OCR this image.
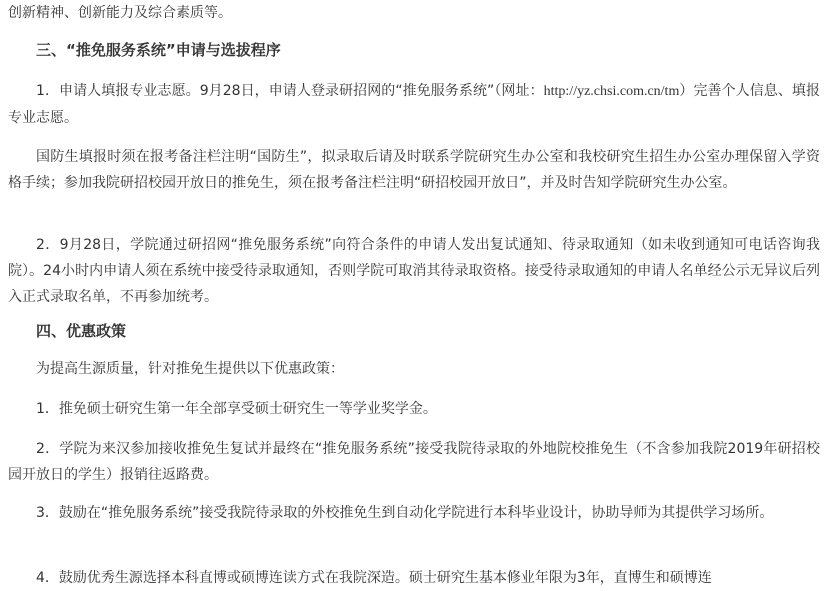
创新精神、创新能力及综合素质等。

三、“推免服务系统”申请与选拔程序

1．申请人填报专业志愿。9月28日，申请人登录研招网的“推免服务系统”（网址：http://yz.chsi.com.cn/tm）完善个人信息、填报专业志愿。

国防生填报时须在报考备注栏注明“国防生”，拟录取后请及时联系学院研究生办公室和我校研究生招生办公室办理保留入学资格手续；参加我院研招校园开放日的推免生，须在报考备注栏注明“研招校园开放日”，并及时告知学院研究生办公室。

2．9月28日，学院通过研招网“推免服务系统”向符合条件的申请人发出复试通知、待录取通知（如未收到通知可电话咨询我院）。24小时内申请人须在系统中接受待录取通知，否则学院可取消其待录取资格。接受待录取通知的申请人名单经公示无异议后列入正式录取名单，不再参加统考。

四、优惠政策

为提高生源质量，针对推免生提供以下优惠政策：

1．推免硕士研究生第一年全部享受硕士研究生一等学业奖学金。

2．学院为来汉参加接收推免生复试并最终在“推免服务系统”接受我院待录取的外地院校推免生（不含参加我院2019年研招校园开放日的学生）报销往返路费。

3．鼓励在“推免服务系统”接受我院待录取的外校推免生到自动化学院进行本科毕业设计，协助导师为其提供学习场所。

4．鼓励优秀生源选择本科直博或硕博连读方式在我院深造。硕士研究生基本修业年限为3年，直博生和硕博连
